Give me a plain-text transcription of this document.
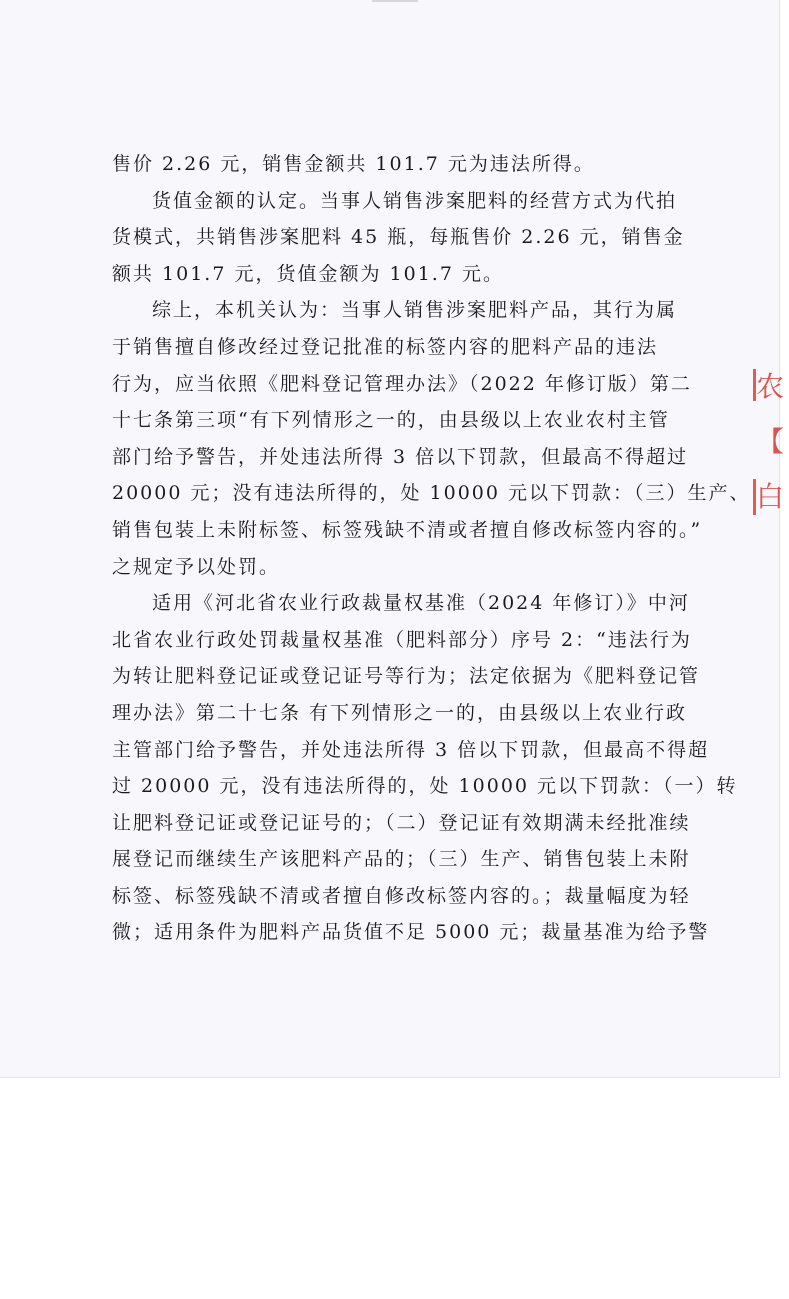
售价 2.26 元，销售金额共 101.7 元为违法所得。
货值金额的认定。当事人销售涉案肥料的经营方式为代拍
货模式，共销售涉案肥料 45 瓶，每瓶售价 2.26 元，销售金
额共 101.7 元，货值金额为 101.7 元。
综上，本机关认为：当事人销售涉案肥料产品，其行为属
于销售擅自修改经过登记批准的标签内容的肥料产品的违法
行为，应当依照《肥料登记管理办法》（2022 年修订版）第二
十七条第三项“有下列情形之一的，由县级以上农业农村主管
部门给予警告，并处违法所得 3 倍以下罚款，但最高不得超过
20000 元；没有违法所得的，处 10000 元以下罚款：（三）生产、
销售包装上未附标签、标签残缺不清或者擅自修改标签内容的。”
之规定予以处罚。
适用《河北省农业行政裁量权基准（2024 年修订）》中河
北省农业行政处罚裁量权基准（肥料部分）序号 2：“违法行为
为转让肥料登记证或登记证号等行为；法定依据为《肥料登记管
理办法》第二十七条 有下列情形之一的，由县级以上农业行政
主管部门给予警告，并处违法所得 3 倍以下罚款，但最高不得超
过 20000 元，没有违法所得的，处 10000 元以下罚款：（一）转
让肥料登记证或登记证号的；（二）登记证有效期满未经批准续
展登记而继续生产该肥料产品的；（三）生产、销售包装上未附
标签、标签残缺不清或者擅自修改标签内容的。；裁量幅度为轻
微；适用条件为肥料产品货值不足 5000 元；裁量基准为给予警
农
【
白
